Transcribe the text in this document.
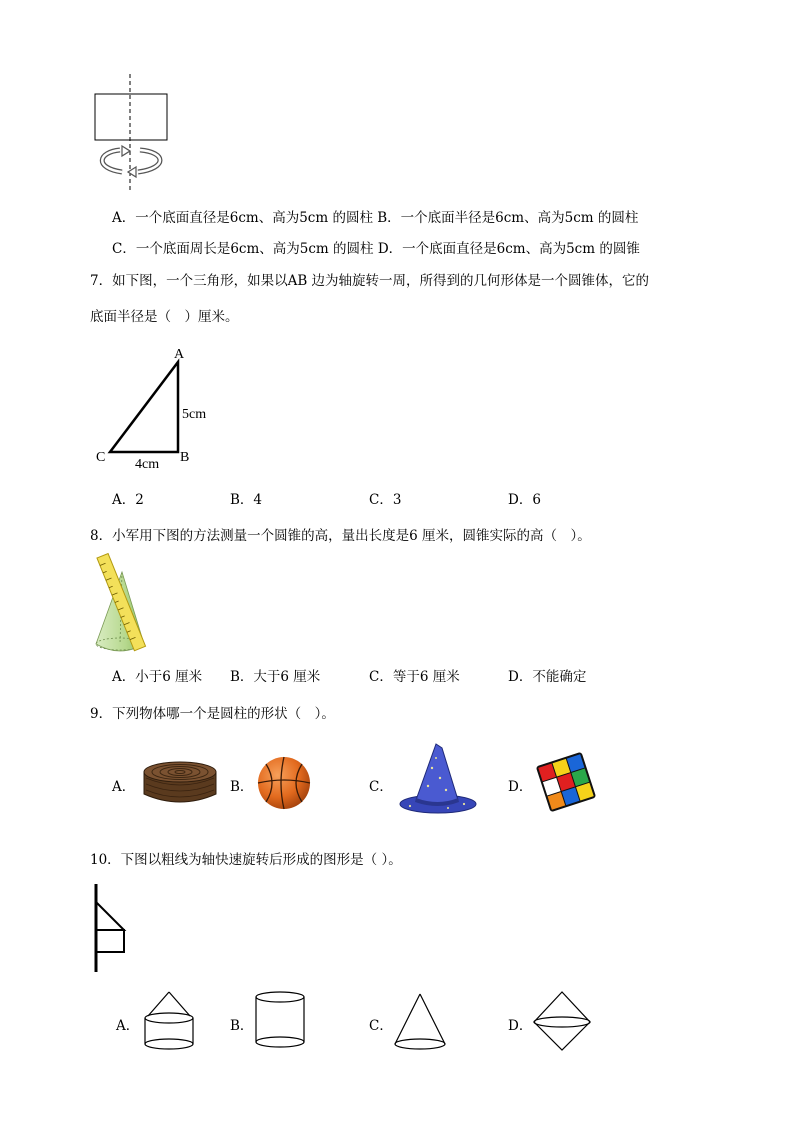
A．一个底面直径是6cm、高为5cm 的圆柱 B．一个底面半径是6cm、高为5cm 的圆柱
C．一个底面周长是6cm、高为5cm 的圆柱 D．一个底面直径是6cm、高为5cm 的圆锥
7．如下图，一个三角形，如果以AB 边为轴旋转一周，所得到的几何形体是一个圆锥体，它的
底面半径是（　）厘米。
A
B
C
5cm
4cm
A．2	B．4	C．3	D．6
8．小军用下图的方法测量一个圆锥的高，量出长度是6 厘米，圆锥实际的高（　）。
A．小于6 厘米 B．大于6 厘米	C．等于6 厘米	D．不能确定
9．下列物体哪一个是圆柱的形状（　）。
A．	B．	C．	D．
10．下图以粗线为轴快速旋转后形成的图形是（ ）。
A．	B．	C．	D．
